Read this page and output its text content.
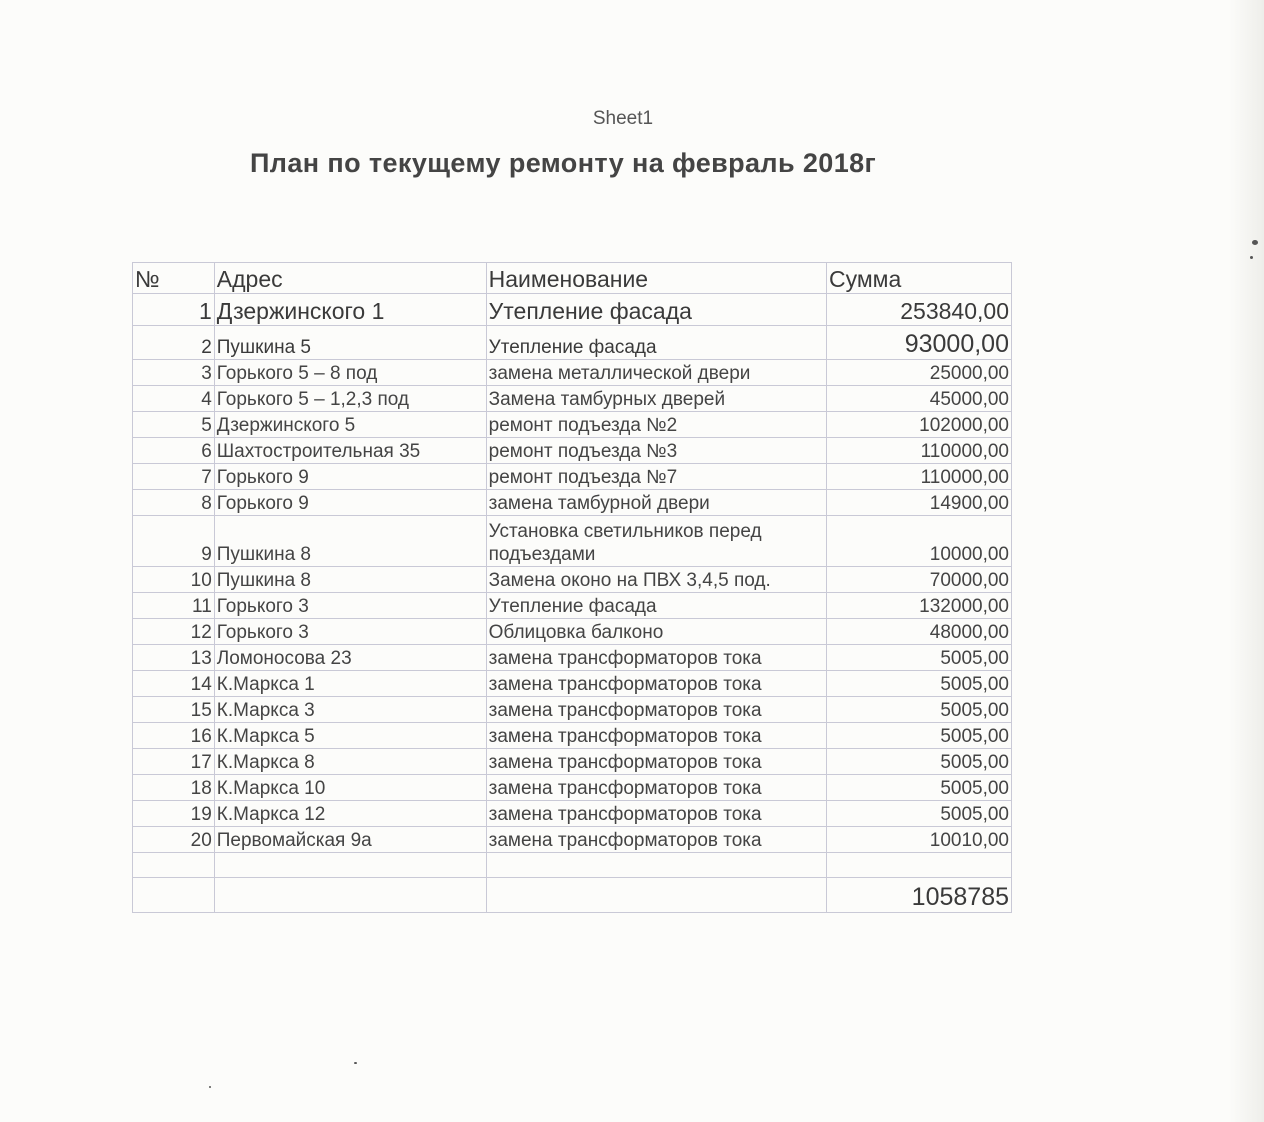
Sheet1
План по текущему ремонту на февраль 2018г
№	Адрес	Наименование	Сумма
1	Дзержинского 1	Утепление фасада	253840,00
2	Пушкина 5	Утепление фасада	93000,00
3	Горького 5 – 8 под	замена металлической двери	25000,00
4	Горького 5 – 1,2,3 под	Замена тамбурных дверей	45000,00
5	Дзержинского 5	ремонт подъезда №2	102000,00
6	Шахтостроительная 35	ремонт подъезда №3	110000,00
7	Горького 9	ремонт подъезда №7	110000,00
8	Горького 9	замена тамбурной двери	14900,00
9	Пушкина 8	Установка светильников перед подъездами	10000,00
10	Пушкина 8	Замена оконо на ПВХ 3,4,5 под.	70000,00
11	Горького 3	Утепление фасада	132000,00
12	Горького 3	Облицовка балконо	48000,00
13	Ломоносова 23	замена трансформаторов тока	5005,00
14	К.Маркса 1	замена трансформаторов тока	5005,00
15	К.Маркса 3	замена трансформаторов тока	5005,00
16	К.Маркса 5	замена трансформаторов тока	5005,00
17	К.Маркса 8	замена трансформаторов тока	5005,00
18	К.Маркса 10	замена трансформаторов тока	5005,00
19	К.Маркса 12	замена трансформаторов тока	5005,00
20	Первомайская 9а	замена трансформаторов тока	10010,00

			1058785
